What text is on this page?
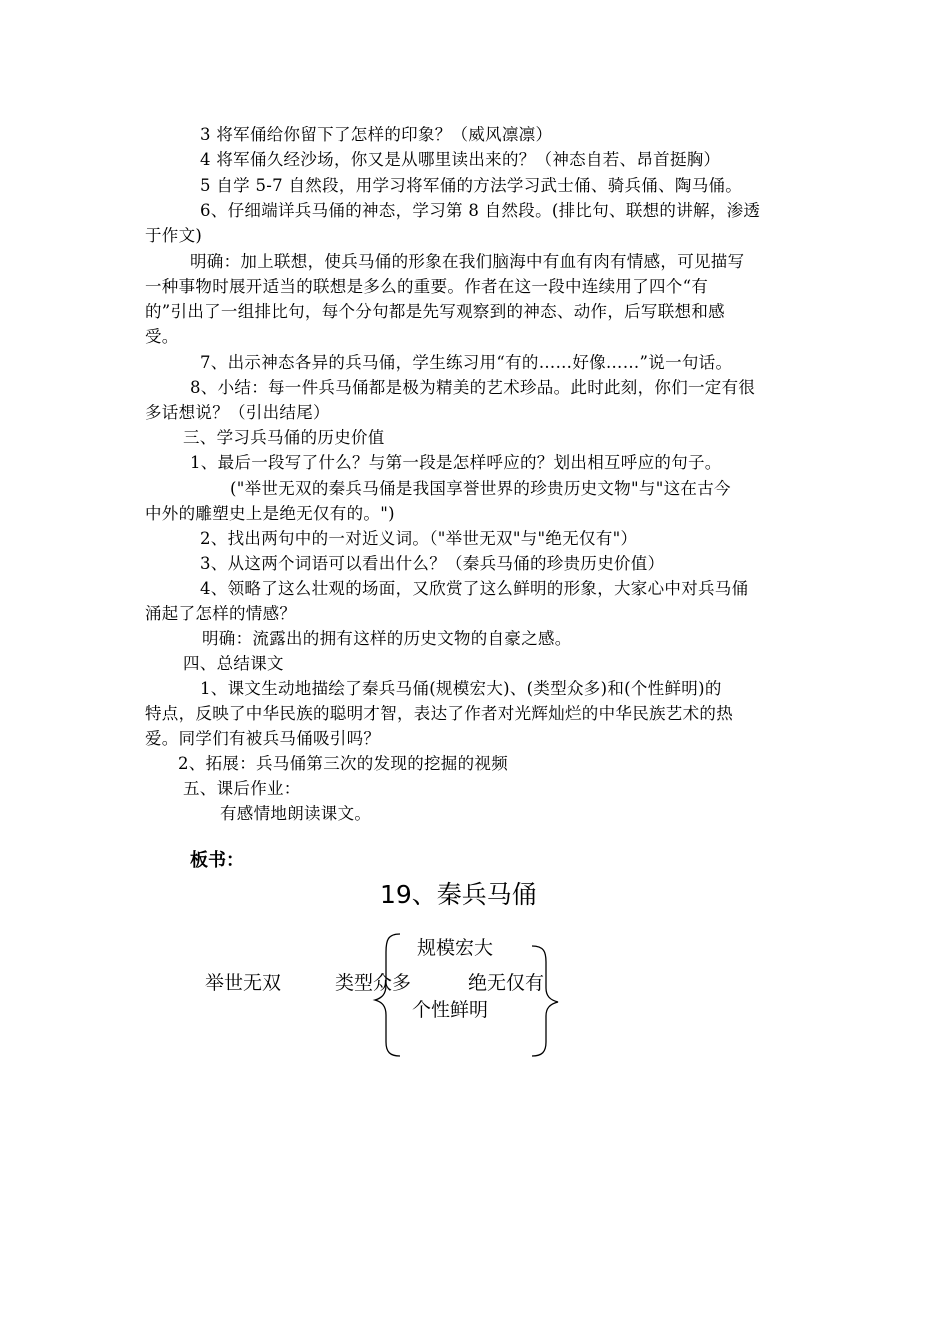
3 将军俑给你留下了怎样的印象？（威风凛凛）
4 将军俑久经沙场，你又是从哪里读出来的？（神态自若、昂首挺胸）
5 自学 5-7 自然段，用学习将军俑的方法学习武士俑、骑兵俑、陶马俑。
6、仔细端详兵马俑的神态，学习第 8 自然段。(排比句、联想的讲解，渗透
于作文)
明确：加上联想，使兵马俑的形象在我们脑海中有血有肉有情感，可见描写
一种事物时展开适当的联想是多么的重要。作者在这一段中连续用了四个“有
的”引出了一组排比句，每个分句都是先写观察到的神态、动作，后写联想和感
受。
7、出示神态各异的兵马俑，学生练习用“有的……好像……”说一句话。
8、小结：每一件兵马俑都是极为精美的艺术珍品。此时此刻，你们一定有很
多话想说？（引出结尾）
三、学习兵马俑的历史价值
1、最后一段写了什么？与第一段是怎样呼应的？划出相互呼应的句子。
("举世无双的秦兵马俑是我国享誉世界的珍贵历史文物"与"这在古今
中外的雕塑史上是绝无仅有的。")
2、找出两句中的一对近义词。（"举世无双"与"绝无仅有"）
3、从这两个词语可以看出什么？（秦兵马俑的珍贵历史价值）
4、领略了这么壮观的场面，又欣赏了这么鲜明的形象，大家心中对兵马俑
涌起了怎样的情感？
明确：流露出的拥有这样的历史文物的自豪之感。
四、总结课文
1、课文生动地描绘了秦兵马俑(规模宏大)、(类型众多)和(个性鲜明)的
特点，反映了中华民族的聪明才智，表达了作者对光辉灿烂的中华民族艺术的热
爱。同学们有被兵马俑吸引吗？
2、拓展：兵马俑第三次的发现的挖掘的视频
五、课后作业：
有感情地朗读课文。
板书：
19、秦兵马俑
举世无双
规模宏大
类型众多
个性鲜明
绝无仅有
